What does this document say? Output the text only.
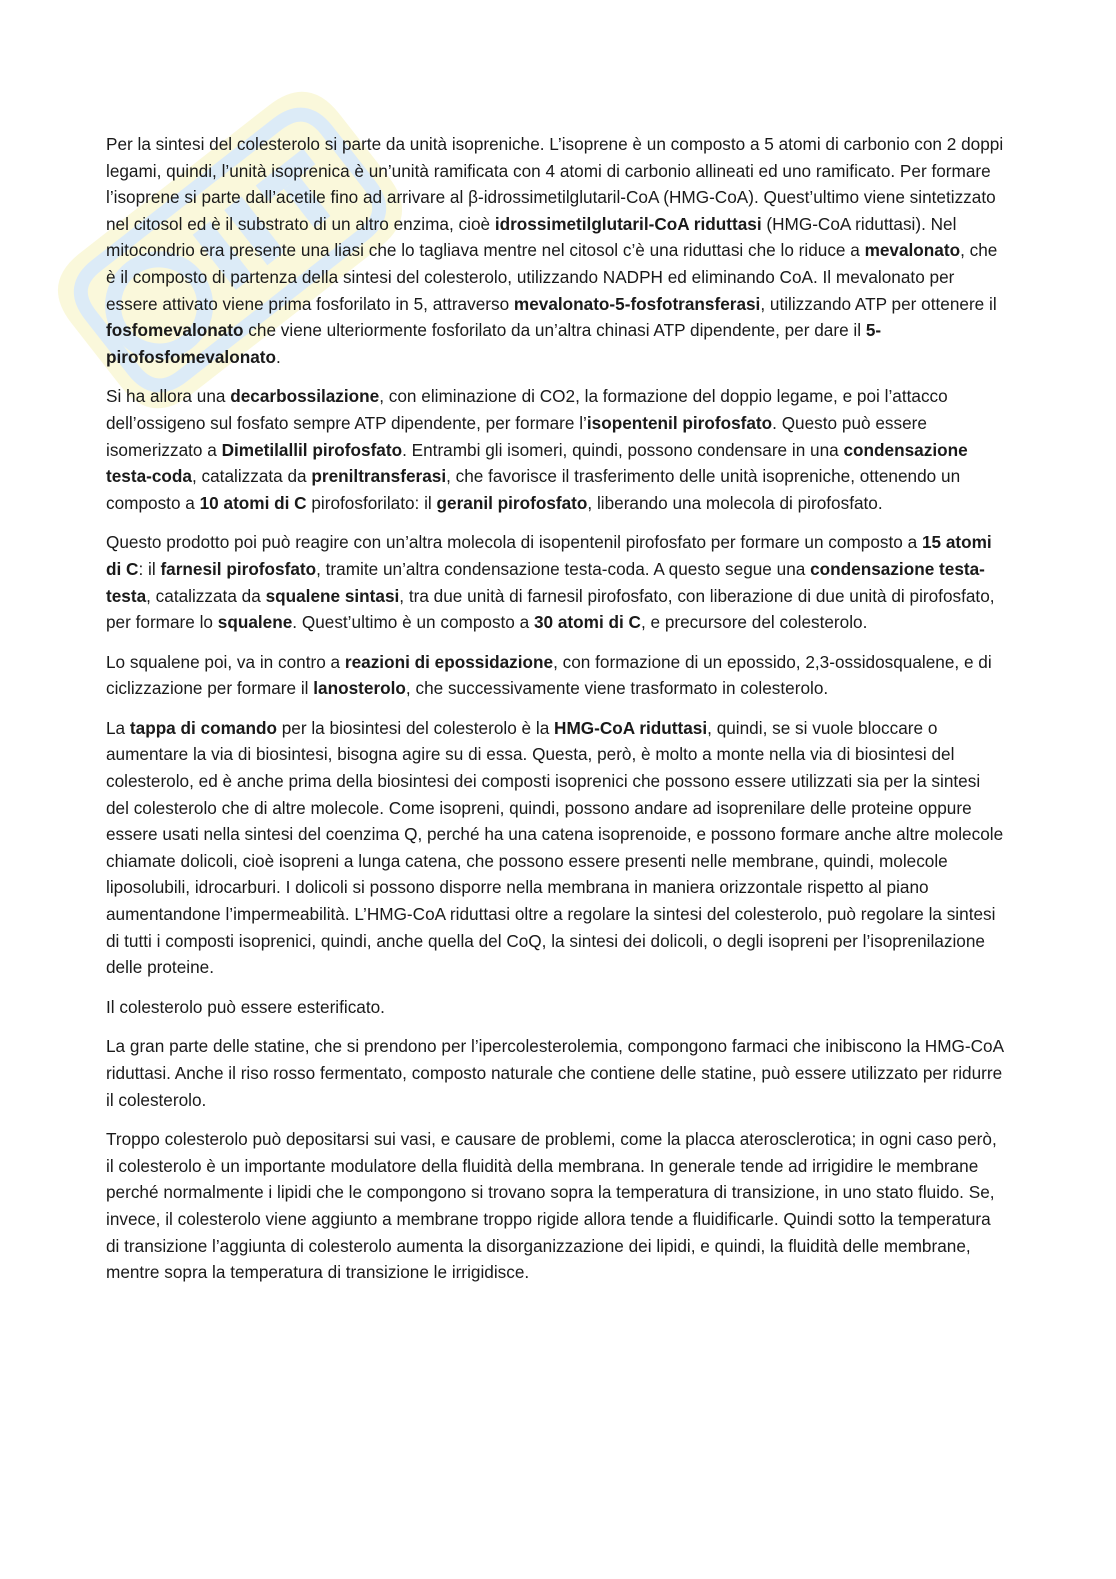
Per la sintesi del colesterolo si parte da unità isopreniche. L’isoprene è un composto a 5 atomi di carbonio con 2 doppi legami, quindi, l’unità isoprenica è un’unità ramificata con 4 atomi di carbonio allineati ed uno ramificato. Per formare l’isoprene si parte dall’acetile fino ad arrivare al β-idrossimetilglutaril-CoA (HMG-CoA). Quest’ultimo viene sintetizzato nel citosol ed è il substrato di un altro enzima, cioè idrossimetilglutaril-CoA riduttasi (HMG-CoA riduttasi). Nel mitocondrio era presente una liasi che lo tagliava mentre nel citosol c’è una riduttasi che lo riduce a mevalonato, che è il composto di partenza della sintesi del colesterolo, utilizzando NADPH ed eliminando CoA. Il mevalonato per essere attivato viene prima fosforilato in 5, attraverso mevalonato-5-fosfotransferasi, utilizzando ATP per ottenere il fosfomevalonato che viene ulteriormente fosforilato da un’altra chinasi ATP dipendente, per dare il 5-pirofosfomevalonato.

Si ha allora una decarbossilazione, con eliminazione di CO2, la formazione del doppio legame, e poi l’attacco dell’ossigeno sul fosfato sempre ATP dipendente, per formare l’isopentenil pirofosfato. Questo può essere isomerizzato a Dimetilallil pirofosfato. Entrambi gli isomeri, quindi, possono condensare in una condensazione testa-coda, catalizzata da preniltransferasi, che favorisce il trasferimento delle unità isopreniche, ottenendo un composto a 10 atomi di C pirofosforilato: il geranil pirofosfato, liberando una molecola di pirofosfato.

Questo prodotto poi può reagire con un’altra molecola di isopentenil pirofosfato per formare un composto a 15 atomi di C: il farnesil pirofosfato, tramite un’altra condensazione testa-coda. A questo segue una condensazione testa-testa, catalizzata da squalene sintasi, tra due unità di farnesil pirofosfato, con liberazione di due unità di pirofosfato, per formare lo squalene. Quest’ultimo è un composto a 30 atomi di C, e precursore del colesterolo.

Lo squalene poi, va in contro a reazioni di epossidazione, con formazione di un epossido, 2,3-ossidosqualene, e di ciclizzazione per formare il lanosterolo, che successivamente viene trasformato in colesterolo.

La tappa di comando per la biosintesi del colesterolo è la HMG-CoA riduttasi, quindi, se si vuole bloccare o aumentare la via di biosintesi, bisogna agire su di essa. Questa, però, è molto a monte nella via di biosintesi del colesterolo, ed è anche prima della biosintesi dei composti isoprenici che possono essere utilizzati sia per la sintesi del colesterolo che di altre molecole. Come isopreni, quindi, possono andare ad isoprenilare delle proteine oppure essere usati nella sintesi del coenzima Q, perché ha una catena isoprenoide, e possono formare anche altre molecole chiamate dolicoli, cioè isopreni a lunga catena, che possono essere presenti nelle membrane, quindi, molecole liposolubili, idrocarburi. I dolicoli si possono disporre nella membrana in maniera orizzontale rispetto al piano aumentandone l’impermeabilità. L’HMG-CoA riduttasi oltre a regolare la sintesi del colesterolo, può regolare la sintesi di tutti i composti isoprenici, quindi, anche quella del CoQ, la sintesi dei dolicoli, o degli isopreni per l’isoprenilazione delle proteine.

Il colesterolo può essere esterificato.

La gran parte delle statine, che si prendono per l’ipercolesterolemia, compongono farmaci che inibiscono la HMG-CoA riduttasi. Anche il riso rosso fermentato, composto naturale che contiene delle statine, può essere utilizzato per ridurre il colesterolo.

Troppo colesterolo può depositarsi sui vasi, e causare de problemi, come la placca aterosclerotica; in ogni caso però, il colesterolo è un importante modulatore della fluidità della membrana. In generale tende ad irrigidire le membrane perché normalmente i lipidi che le compongono si trovano sopra la temperatura di transizione, in uno stato fluido. Se, invece, il colesterolo viene aggiunto a membrane troppo rigide allora tende a fluidificarle. Quindi sotto la temperatura di transizione l’aggiunta di colesterolo aumenta la disorganizzazione dei lipidi, e quindi, la fluidità delle membrane, mentre sopra la temperatura di transizione le irrigidisce.
